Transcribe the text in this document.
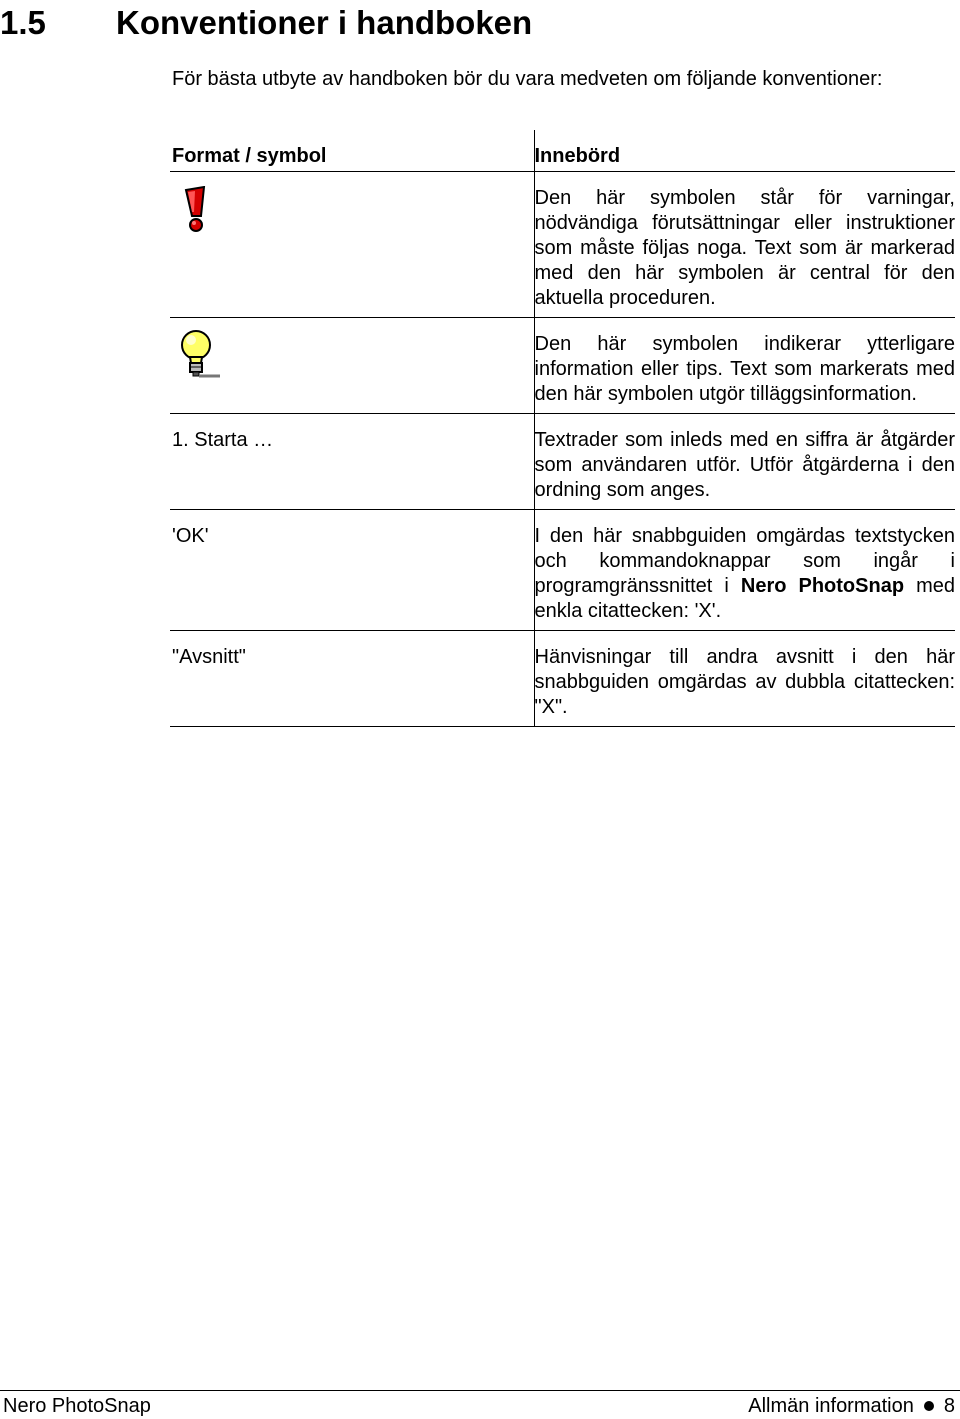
1.5 Konventioner i handboken

För bästa utbyte av handboken bör du vara medveten om följande konventioner:

Format / symbol	Innebörd
	Den här symbolen står för varningar, nödvändiga förutsättningar eller instruktioner som måste följas noga. Text som är markerad med den här symbolen är central för den aktuella proceduren.
	Den här symbolen indikerar ytterligare information eller tips. Text som markerats med den här symbolen utgör tilläggsinformation.
1. Starta …	Textrader som inleds med en siffra är åtgärder som användaren utför. Utför åtgärderna i den ordning som anges.
'OK'	I den här snabbguiden omgärdas textstycken och kommandoknappar som ingår i programgränssnittet i Nero PhotoSnap med enkla citattecken: 'X'.
"Avsnitt"	Hänvisningar till andra avsnitt i den här snabbguiden omgärdas av dubbla citattecken: "X".
Nero PhotoSnap	Allmän information 8
